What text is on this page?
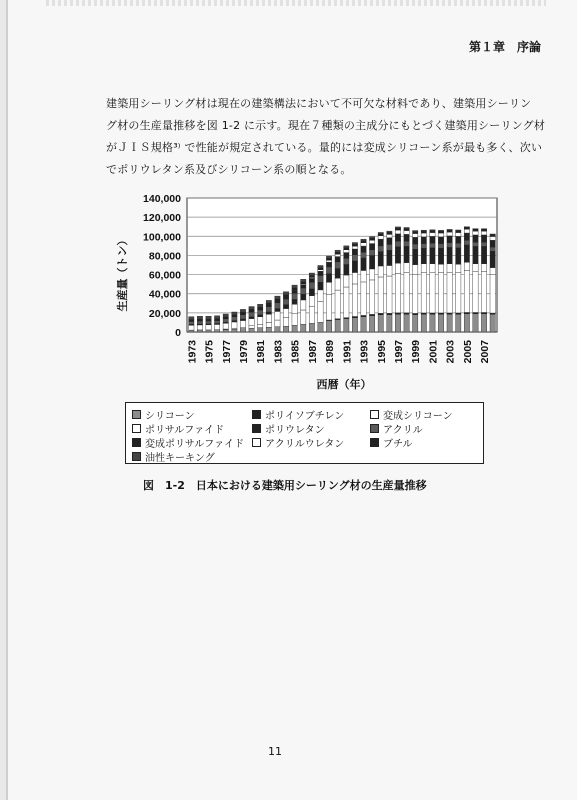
第１章　序論
建築用シーリング材は現在の建築構法において不可欠な材料であり、建築用シーリン
グ材の生産量推移を図 1-2 に示す。現在７種類の主成分にもとづく建築用シーリング材
がＪＩＳ規格³⁾ で性能が規定されている。量的には変成シリコーン系が最も多く、次い
でポリウレタン系及びシリコーン系の順となる。
0
20,000
40,000
60,000
80,000
100,000
120,000
140,000
1973 1975 1977 1979 1981 1983 1985 1987 1989 1991 1993 1995 1997 1999 2001 2003 2005 2007
生産量（トン）
西暦（年）
シリコーン	ポリイソブチレン	変成シリコーン
ポリサルファイド	ポリウレタン	アクリル
変成ポリサルファイド アクリルウレタン	ブチル
油性キーキング
図　1-2　日本における建築用シーリング材の生産量推移
11
